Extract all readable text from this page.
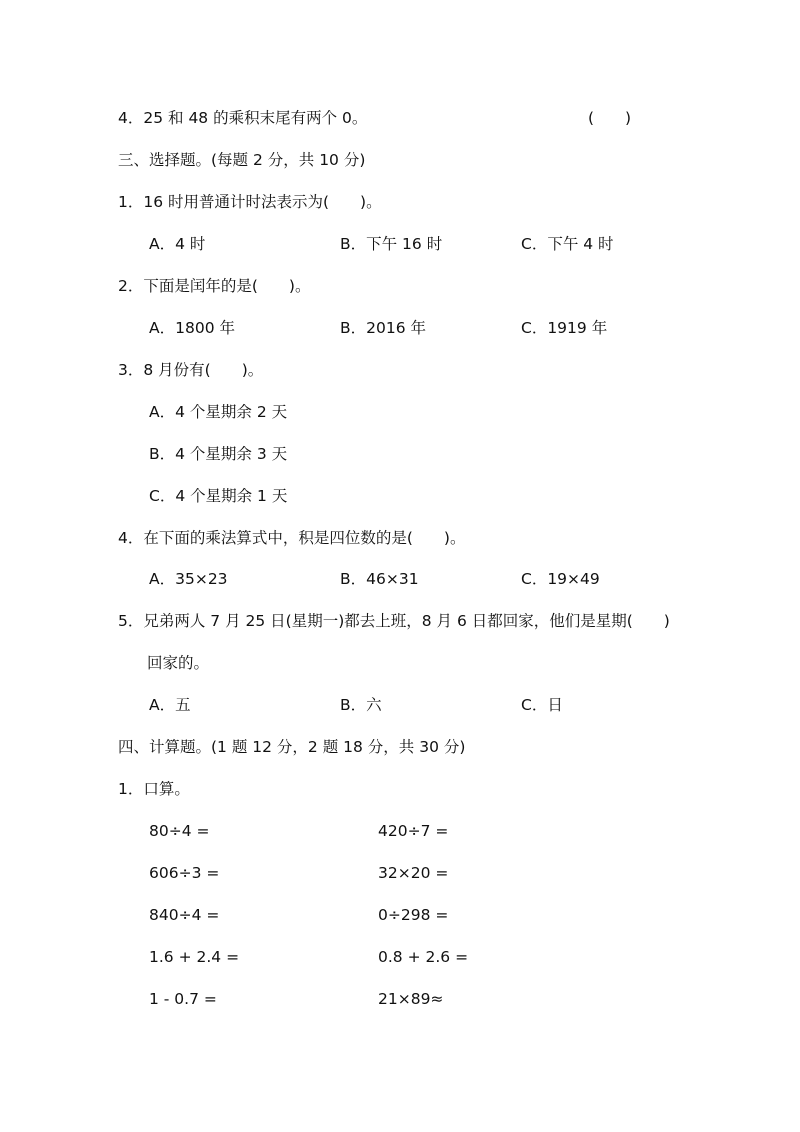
4．25 和 48 的乘积末尾有两个 0。	(  )
三、选择题。(每题 2 分，共 10 分)
1．16 时用普通计时法表示为(  )。
A．4 时	B．下午 16 时	C．下午 4 时
2．下面是闰年的是(  )。
A．1800 年	B．2016 年	C．1919 年
3．8 月份有(  )。
A．4 个星期余 2 天
B．4 个星期余 3 天
C．4 个星期余 1 天
4．在下面的乘法算式中，积是四位数的是(  )。
A．35×23	B．46×31	C．19×49
5．兄弟两人 7 月 25 日(星期一)都去上班，8 月 6 日都回家，他们是星期(  )
回家的。
A．五	B．六	C．日
四、计算题。(1 题 12 分，2 题 18 分，共 30 分)
1．口算。
80÷4 =	420÷7 =
606÷3 =	32×20 =
840÷4 =	0÷298 =
1.6 + 2.4 =	0.8 + 2.6 =
1 - 0.7 =	21×89≈
